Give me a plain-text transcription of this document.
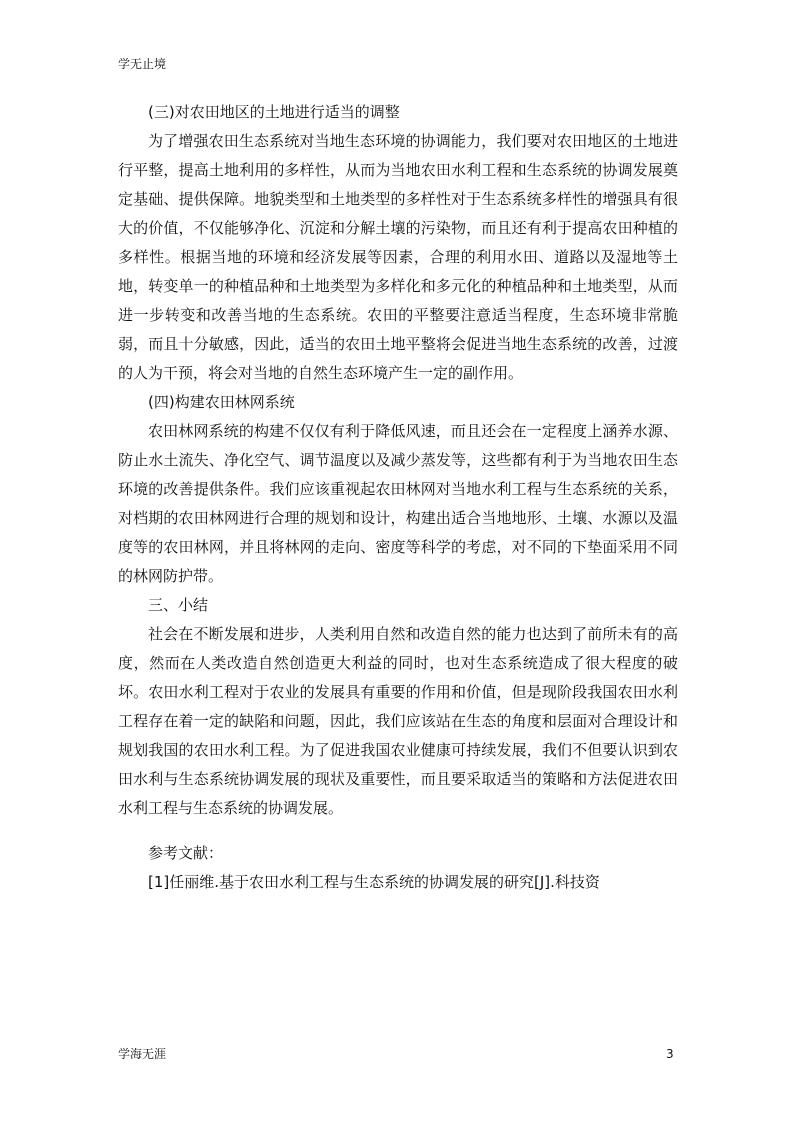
学无止境

(三)对农田地区的土地进行适当的调整

为了增强农田生态系统对当地生态环境的协调能力，我们要对农田地区的土地进行平整，提高土地利用的多样性，从而为当地农田水利工程和生态系统的协调发展奠定基础、提供保障。地貌类型和土地类型的多样性对于生态系统多样性的增强具有很大的价值，不仅能够净化、沉淀和分解土壤的污染物，而且还有利于提高农田种植的多样性。根据当地的环境和经济发展等因素，合理的利用水田、道路以及湿地等土地，转变单一的种植品种和土地类型为多样化和多元化的种植品种和土地类型，从而进一步转变和改善当地的生态系统。农田的平整要注意适当程度，生态环境非常脆弱，而且十分敏感，因此，适当的农田土地平整将会促进当地生态系统的改善，过渡的人为干预，将会对当地的自然生态环境产生一定的副作用。

(四)构建农田林网系统

农田林网系统的构建不仅仅有利于降低风速，而且还会在一定程度上涵养水源、防止水土流失、净化空气、调节温度以及减少蒸发等，这些都有利于为当地农田生态环境的改善提供条件。我们应该重视起农田林网对当地水利工程与生态系统的关系，对档期的农田林网进行合理的规划和设计，构建出适合当地地形、土壤、水源以及温度等的农田林网，并且将林网的走向、密度等科学的考虑，对不同的下垫面采用不同的林网防护带。

三、小结

社会在不断发展和进步，人类利用自然和改造自然的能力也达到了前所未有的高度，然而在人类改造自然创造更大利益的同时，也对生态系统造成了很大程度的破坏。农田水利工程对于农业的发展具有重要的作用和价值，但是现阶段我国农田水利工程存在着一定的缺陷和问题，因此，我们应该站在生态的角度和层面对合理设计和规划我国的农田水利工程。为了促进我国农业健康可持续发展，我们不但要认识到农田水利与生态系统协调发展的现状及重要性，而且要采取适当的策略和方法促进农田水利工程与生态系统的协调发展。

参考文献：

[1]任丽维.基于农田水利工程与生态系统的协调发展的研究[J].科技资

学海无涯	3
